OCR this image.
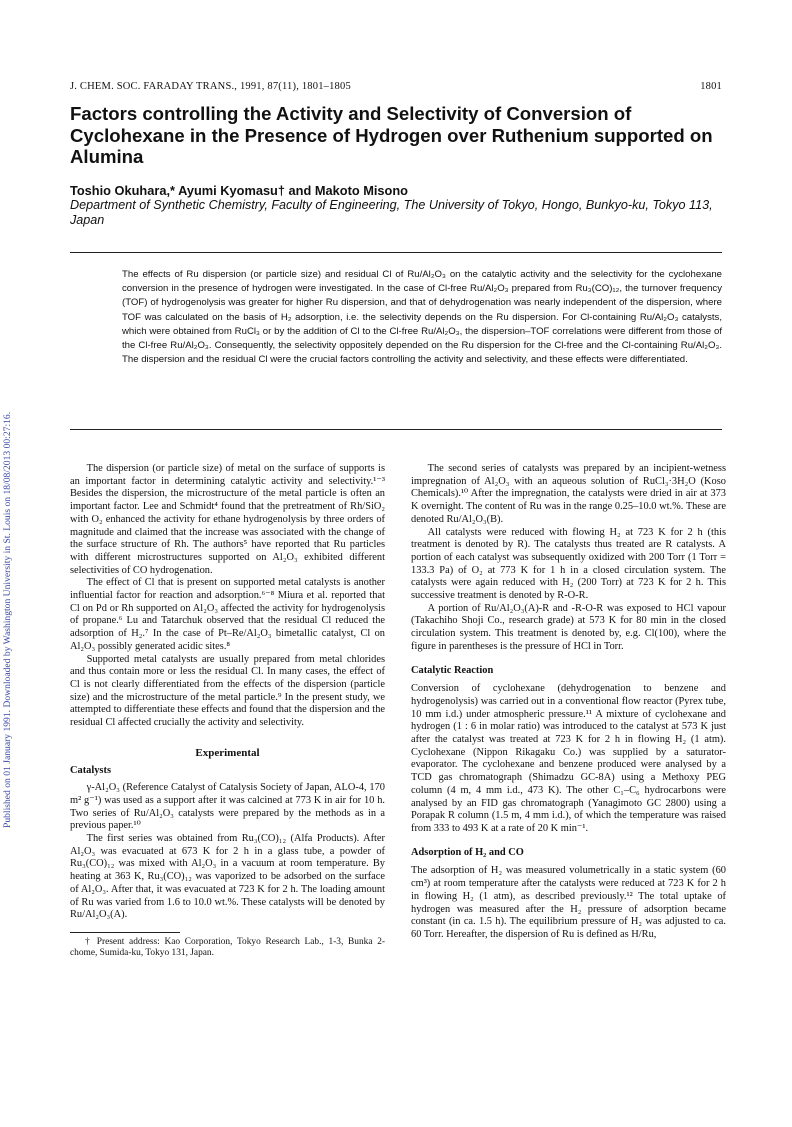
Published on 01 January 1991. Downloaded by Washington University in St. Louis on 18/08/2013 00:27:16.
J. CHEM. SOC. FARADAY TRANS., 1991, 87(11), 1801–1805	1801
Factors controlling the Activity and Selectivity of Conversion of Cyclohexane in the Presence of Hydrogen over Ruthenium supported on Alumina
Toshio Okuhara,* Ayumi Kyomasu† and Makoto Misono
Department of Synthetic Chemistry, Faculty of Engineering, The University of Tokyo, Hongo, Bunkyo-ku, Tokyo 113, Japan
The effects of Ru dispersion (or particle size) and residual Cl of Ru/Al₂O₃ on the catalytic activity and the selectivity for the cyclohexane conversion in the presence of hydrogen were investigated. In the case of Cl-free Ru/Al₂O₃ prepared from Ru₃(CO)₁₂, the turnover frequency (TOF) of hydrogenolysis was greater for higher Ru dispersion, and that of dehydrogenation was nearly independent of the dispersion, where TOF was calculated on the basis of H₂ adsorption, i.e. the selectivity depends on the Ru dispersion. For Cl-containing Ru/Al₂O₃ catalysts, which were obtained from RuCl₃ or by the addition of Cl to the Cl-free Ru/Al₂O₃, the dispersion–TOF correlations were different from those of the Cl-free Ru/Al₂O₃. Consequently, the selectivity oppositely depended on the Ru dispersion for the Cl-free and the Cl-containing Ru/Al₂O₃. The dispersion and the residual Cl were the crucial factors controlling the activity and selectivity, and these effects were differentiated.

The dispersion (or particle size) of metal on the surface of supports is an important factor in determining catalytic activity and selectivity.¹⁻³ Besides the dispersion, the microstructure of the metal particle is often an important factor. Lee and Schmidt⁴ found that the pretreatment of Rh/SiO₂ with O₂ enhanced the activity for ethane hydrogenolysis by three orders of magnitude and claimed that the increase was associated with the change of the surface structure of Rh. The authors⁵ have reported that Ru particles with different microstructures supported on Al₂O₃ exhibited different selectivities of CO hydrogenation.

The effect of Cl that is present on supported metal catalysts is another influential factor for reaction and adsorption.⁶⁻⁸ Miura et al. reported that Cl on Pd or Rh supported on Al₂O₃ affected the activity for hydrogenolysis of propane.⁶ Lu and Tatarchuk observed that the residual Cl reduced the adsorption of H₂.⁷ In the case of Pt–Re/Al₂O₃ bimetallic catalyst, Cl on Al₂O₃ possibly generated acidic sites.⁸

Supported metal catalysts are usually prepared from metal chlorides and thus contain more or less the residual Cl. In many cases, the effect of Cl is not clearly differentiated from the effects of the dispersion (particle size) and the microstructure of the metal particle.⁹ In the present study, we attempted to differentiate these effects and found that the dispersion and the residual Cl affected crucially the activity and selectivity.

Experimental
Catalysts

γ-Al₂O₃ (Reference Catalyst of Catalysis Society of Japan, ALO-4, 170 m² g⁻¹) was used as a support after it was calcined at 773 K in air for 10 h. Two series of Ru/Al₂O₃ catalysts were prepared by the methods as in a previous paper.¹⁰

The first series was obtained from Ru₃(CO)₁₂ (Alfa Products). After Al₂O₃ was evacuated at 673 K for 2 h in a glass tube, a powder of Ru₃(CO)₁₂ was mixed with Al₂O₃ in a vacuum at room temperature. By heating at 363 K, Ru₃(CO)₁₂ was vaporized to be adsorbed on the surface of Al₂O₃. After that, it was evacuated at 723 K for 2 h. The loading amount of Ru was varied from 1.6 to 10.0 wt.%. These catalysts will be denoted by Ru/Al₂O₃(A).

† Present address: Kao Corporation, Tokyo Research Lab., 1-3, Bunka 2-chome, Sumida-ku, Tokyo 131, Japan.

The second series of catalysts was prepared by an incipient-wetness impregnation of Al₂O₃ with an aqueous solution of RuCl₃·3H₂O (Koso Chemicals).¹⁰ After the impregnation, the catalysts were dried in air at 373 K overnight. The content of Ru was in the range 0.25–10.0 wt.%. These are denoted Ru/Al₂O₃(B).

All catalysts were reduced with flowing H₂ at 723 K for 2 h (this treatment is denoted by R). The catalysts thus treated are R catalysts. A portion of each catalyst was subsequently oxidized with 200 Torr (1 Torr = 133.3 Pa) of O₂ at 773 K for 1 h in a closed circulation system. The catalysts were again reduced with H₂ (200 Torr) at 723 K for 2 h. This successive treatment is denoted by R-O-R.

A portion of Ru/Al₂O₃(A)-R and -R-O-R was exposed to HCl vapour (Takachiho Shoji Co., research grade) at 573 K for 80 min in the closed circulation system. This treatment is denoted by, e.g. Cl(100), where the figure in parentheses is the pressure of HCl in Torr.

Catalytic Reaction

Conversion of cyclohexane (dehydrogenation to benzene and hydrogenolysis) was carried out in a conventional flow reactor (Pyrex tube, 10 mm i.d.) under atmospheric pressure.¹¹ A mixture of cyclohexane and hydrogen (1 : 6 in molar ratio) was introduced to the catalyst at 573 K just after the catalyst was treated at 723 K for 2 h in flowing H₂ (1 atm). Cyclohexane (Nippon Rikagaku Co.) was supplied by a saturator-evaporator. The cyclohexane and benzene produced were analysed by a TCD gas chromatograph (Shimadzu GC-8A) using a Methoxy PEG column (4 m, 4 mm i.d., 473 K). The other C₁–C₆ hydrocarbons were analysed by an FID gas chromatograph (Yanagimoto GC 2800) using a Porapak R column (1.5 m, 4 mm i.d.), of which the temperature was raised from 333 to 493 K at a rate of 20 K min⁻¹.

Adsorption of H₂ and CO

The adsorption of H₂ was measured volumetrically in a static system (60 cm³) at room temperature after the catalysts were reduced at 723 K for 2 h in flowing H₂ (1 atm), as described previously.¹² The total uptake of hydrogen was measured after the H₂ pressure of adsorption became constant (in ca. 1.5 h). The equilibrium pressure of H₂ was adjusted to ca. 60 Torr. Hereafter, the dispersion of Ru is defined as H/Ru,
